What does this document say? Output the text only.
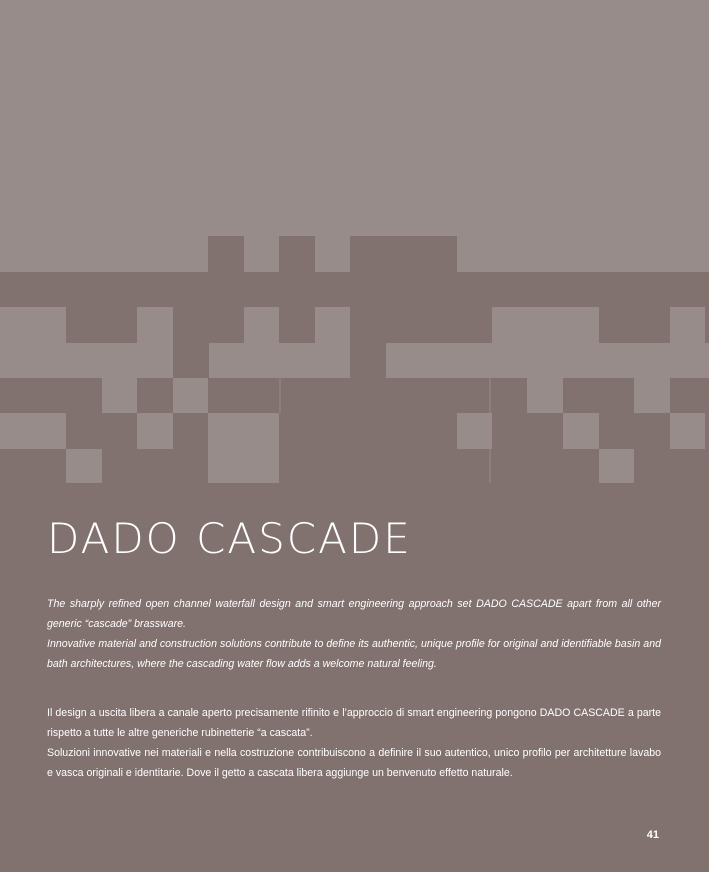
DADO CASCADE

The sharply refined open channel waterfall design and smart engineering approach set DADO CASCADE apart from all other generic “cascade” brassware.

Innovative material and construction solutions contribute to define its authentic, unique profile for original and identifiable basin and bath architectures, where the cascading water flow adds a welcome natural feeling.

Il design a uscita libera a canale aperto precisamente rifinito e l’approccio di smart engineering pongono DADO CASCADE a parte rispetto a tutte le altre generiche rubinetterie “a cascata”.

Soluzioni innovative nei materiali e nella costruzione contribuiscono a definire il suo autentico, unico profilo per architetture lavabo e vasca originali e identitarie. Dove il getto a cascata libera aggiunge un benvenuto effetto naturale.

41
